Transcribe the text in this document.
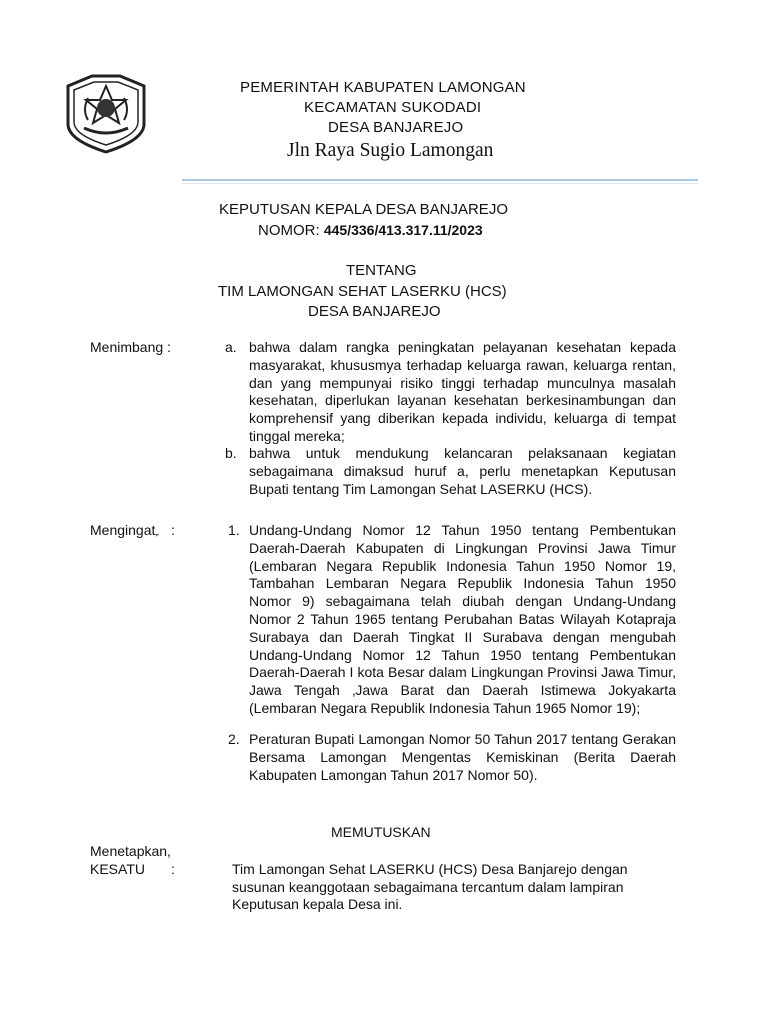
PEMERINTAH KABUPATEN LAMONGAN
KECAMATAN SUKODADI
DESA BANJAREJO
Jln Raya Sugio Lamongan
KEPUTUSAN KEPALA DESA BANJAREJO
NOMOR: 445/336/413.317.11/2023
TENTANG
TIM LAMONGAN SEHAT LASERKU (HCS)
DESA BANJAREJO
Menimbang :	a. bahwa dalam rangka peningkatan pelayanan kesehatan kepada masyarakat, khususmya terhadap keluarga rawan, keluarga rentan, dan yang mempunyai risiko tinggi terhadap munculnya masalah kesehatan, diperlukan layanan kesehatan berkesinambungan dan komprehensif yang diberikan kepada individu, keluarga di tempat tinggal mereka;
b. bahwa untuk mendukung kelancaran pelaksanaan kegiatan sebagaimana dimaksud huruf a, perlu menetapkan Keputusan Bupati tentang Tim Lamongan Sehat LASERKU (HCS).
Mengingat„ :	1. Undang-Undang Nomor 12 Tahun 1950 tentang Pembentukan Daerah-Daerah Kabupaten di Lingkungan Provinsi Jawa Timur (Lembaran Negara Republik Indonesia Tahun 1950 Nomor 19, Tambahan Lembaran Negara Republik Indonesia Tahun 1950 Nomor 9) sebagaimana telah diubah dengan Undang-Undang Nomor 2 Tahun 1965 tentang Perubahan Batas Wilayah Kotapraja Surabaya dan Daerah Tingkat II Surabava dengan mengubah Undang-Undang Nomor 12 Tahun 1950 tentang Pembentukan Daerah-Daerah I kota Besar dalam Lingkungan Provinsi Jawa Timur, Jawa Tengah ‚Jawa Barat dan Daerah Istimewa Jokyakarta (Lembaran Negara Republik Indonesia Tahun 1965 Nomor 19);
2. Peraturan Bupati Lamongan Nomor 50 Tahun 2017 tentang Gerakan Bersama Lamongan Mengentas Kemiskinan (Berita Daerah Kabupaten Lamongan Tahun 2017 Nomor 50).
MEMUTUSKAN
Menetapkan,
KESATU :	Tim Lamongan Sehat LASERKU (HCS) Desa Banjarejo dengan susunan keanggotaan sebagaimana tercantum dalam lampiran Keputusan kepala Desa ini.
